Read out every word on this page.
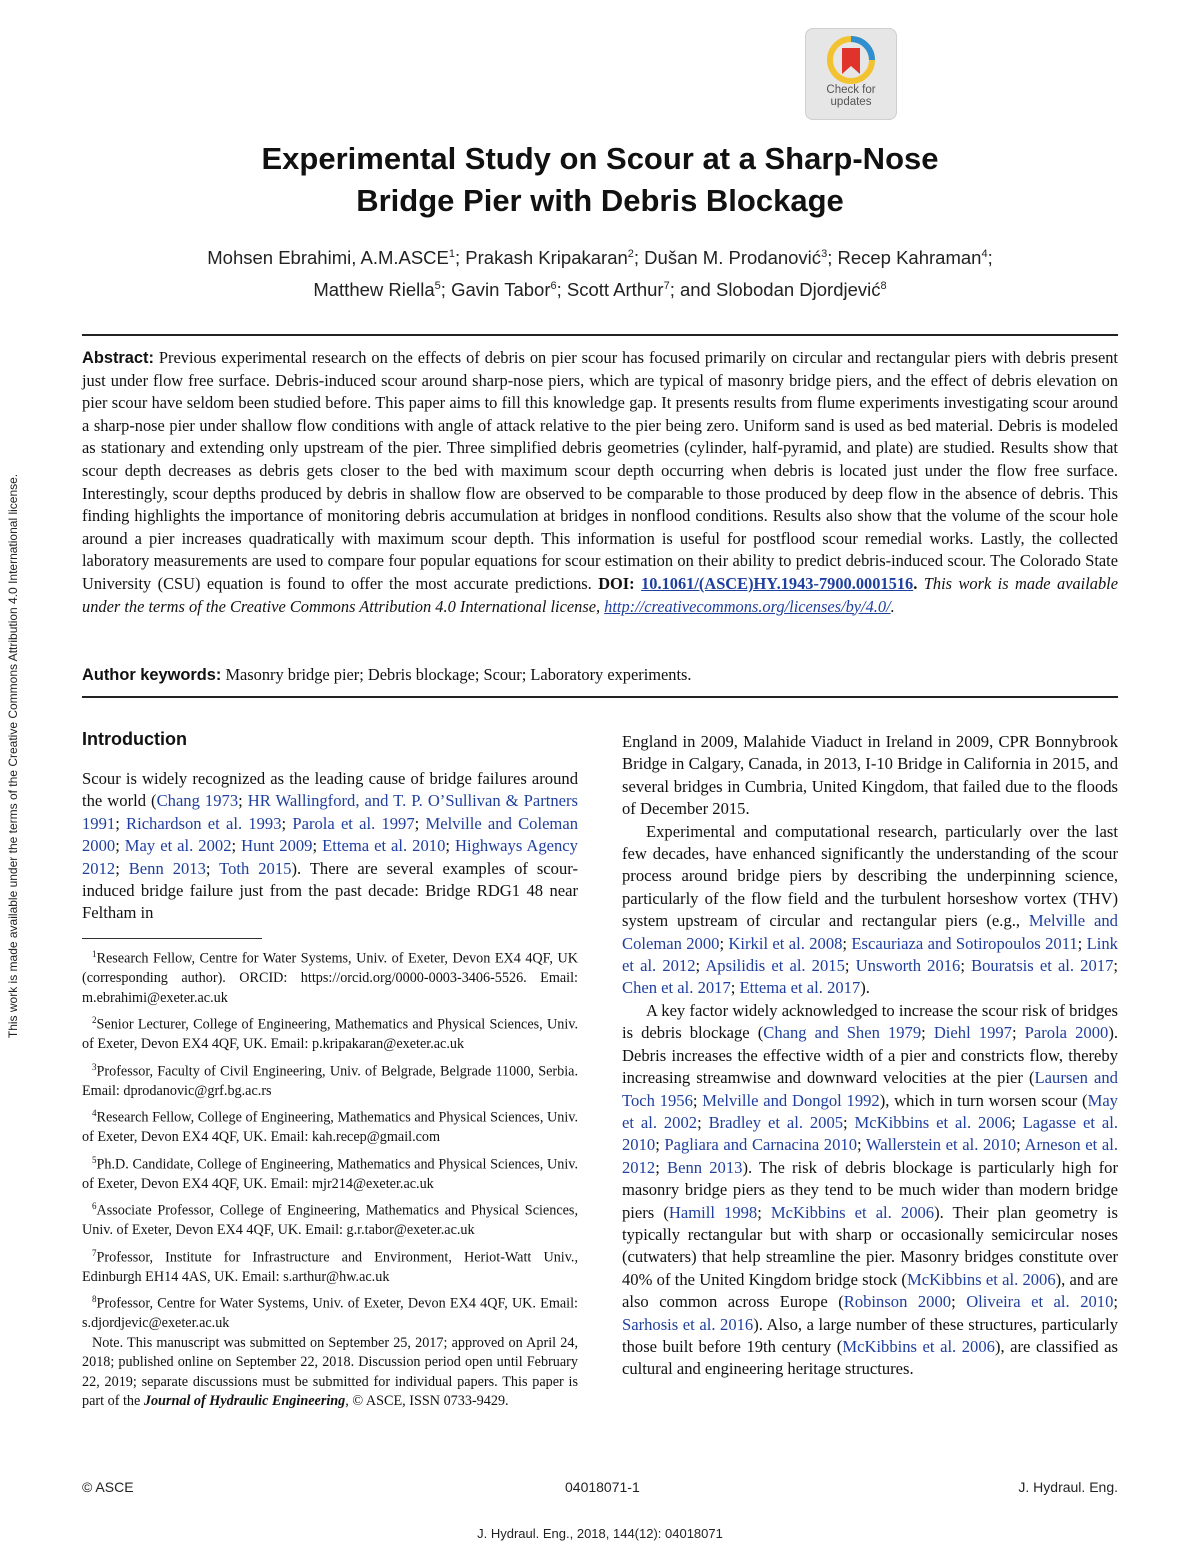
Check for
updates
Experimental Study on Scour at a Sharp-Nose
Bridge Pier with Debris Blockage
Mohsen Ebrahimi, A.M.ASCE$^1$; Prakash Kripakaran$^2$; Dušan M. Prodanović$^3$; Recep Kahraman$^4$;
Matthew Riella$^5$; Gavin Tabor$^6$; Scott Arthur$^7$; and Slobodan Djordjević$^8$
Abstract: Previous experimental research on the effects of debris on pier scour has focused primarily on circular and rectangular piers with debris present just under flow free surface. Debris-induced scour around sharp-nose piers, which are typical of masonry bridge piers, and the effect of debris elevation on pier scour have seldom been studied before. This paper aims to fill this knowledge gap. It presents results from flume experiments investigating scour around a sharp-nose pier under shallow flow conditions with angle of attack relative to the pier being zero. Uniform sand is used as bed material. Debris is modeled as stationary and extending only upstream of the pier. Three simplified debris geometries (cylinder, half-pyramid, and plate) are studied. Results show that scour depth decreases as debris gets closer to the bed with maximum scour depth occurring when debris is located just under the flow free surface. Interestingly, scour depths produced by debris in shallow flow are observed to be comparable to those produced by deep flow in the absence of debris. This finding highlights the importance of monitoring debris accumulation at bridges in nonflood conditions. Results also show that the volume of the scour hole around a pier increases quadratically with maximum scour depth. This information is useful for postflood scour remedial works. Lastly, the collected laboratory measurements are used to compare four popular equations for scour estimation on their ability to predict debris-induced scour. The Colorado State University (CSU) equation is found to offer the most accurate predictions. DOI: 10.1061/(ASCE)HY.1943-7900.0001516. This work is made available under the terms of the Creative Commons Attribution 4.0 International license, http://creativecommons.org/licenses/by/4.0/.
Author keywords: Masonry bridge pier; Debris blockage; Scour; Laboratory experiments.
Introduction

Scour is widely recognized as the leading cause of bridge failures around the world (Chang 1973; HR Wallingford, and T. P. O’Sullivan & Partners 1991; Richardson et al. 1993; Parola et al. 1997; Melville and Coleman 2000; May et al. 2002; Hunt 2009; Ettema et al. 2010; Highways Agency 2012; Benn 2013; Toth 2015). There are several examples of scour-induced bridge failure just from the past decade: Bridge RDG1 48 near Feltham in

$^1$Research Fellow, Centre for Water Systems, Univ. of Exeter, Devon EX4 4QF, UK (corresponding author). ORCID: https://orcid.org/0000-0003-3406-5526. Email: m.ebrahimi@exeter.ac.uk

$^2$Senior Lecturer, College of Engineering, Mathematics and Physical Sciences, Univ. of Exeter, Devon EX4 4QF, UK. Email: p.kripakaran@exeter.ac.uk

$^3$Professor, Faculty of Civil Engineering, Univ. of Belgrade, Belgrade 11000, Serbia. Email: dprodanovic@grf.bg.ac.rs

$^4$Research Fellow, College of Engineering, Mathematics and Physical Sciences, Univ. of Exeter, Devon EX4 4QF, UK. Email: kah.recep@gmail.com

$^5$Ph.D. Candidate, College of Engineering, Mathematics and Physical Sciences, Univ. of Exeter, Devon EX4 4QF, UK. Email: mjr214@exeter.ac.uk

$^6$Associate Professor, College of Engineering, Mathematics and Physical Sciences, Univ. of Exeter, Devon EX4 4QF, UK. Email: g.r.tabor@exeter.ac.uk

$^7$Professor, Institute for Infrastructure and Environment, Heriot-Watt Univ., Edinburgh EH14 4AS, UK. Email: s.arthur@hw.ac.uk

$^8$Professor, Centre for Water Systems, Univ. of Exeter, Devon EX4 4QF, UK. Email: s.djordjevic@exeter.ac.uk

Note. This manuscript was submitted on September 25, 2017; approved on April 24, 2018; published online on September 22, 2018. Discussion period open until February 22, 2019; separate discussions must be submitted for individual papers. This paper is part of the Journal of Hydraulic Engineering, © ASCE, ISSN 0733-9429.

England in 2009, Malahide Viaduct in Ireland in 2009, CPR Bonnybrook Bridge in Calgary, Canada, in 2013, I-10 Bridge in California in 2015, and several bridges in Cumbria, United Kingdom, that failed due to the floods of December 2015.

Experimental and computational research, particularly over the last few decades, have enhanced significantly the understanding of the scour process around bridge piers by describing the underpinning science, particularly of the flow field and the turbulent horseshow vortex (THV) system upstream of circular and rectangular piers (e.g., Melville and Coleman 2000; Kirkil et al. 2008; Escauriaza and Sotiropoulos 2011; Link et al. 2012; Apsilidis et al. 2015; Unsworth 2016; Bouratsis et al. 2017; Chen et al. 2017; Ettema et al. 2017).

A key factor widely acknowledged to increase the scour risk of bridges is debris blockage (Chang and Shen 1979; Diehl 1997; Parola 2000). Debris increases the effective width of a pier and constricts flow, thereby increasing streamwise and downward velocities at the pier (Laursen and Toch 1956; Melville and Dongol 1992), which in turn worsen scour (May et al. 2002; Bradley et al. 2005; McKibbins et al. 2006; Lagasse et al. 2010; Pagliara and Carnacina 2010; Wallerstein et al. 2010; Arneson et al. 2012; Benn 2013). The risk of debris blockage is particularly high for masonry bridge piers as they tend to be much wider than modern bridge piers (Hamill 1998; McKibbins et al. 2006). Their plan geometry is typically rectangular but with sharp or occasionally semicircular noses (cutwaters) that help streamline the pier. Masonry bridges constitute over 40% of the United Kingdom bridge stock (McKibbins et al. 2006), and are also common across Europe (Robinson 2000; Oliveira et al. 2010; Sarhosis et al. 2016). Also, a large number of these structures, particularly those built before 19th century (McKibbins et al. 2006), are classified as cultural and engineering heritage structures.

© ASCE	04018071-1	J. Hydraul. Eng.
J. Hydraul. Eng., 2018, 144(12): 04018071
This work is made available under the terms of the Creative Commons Attribution 4.0 International license.
